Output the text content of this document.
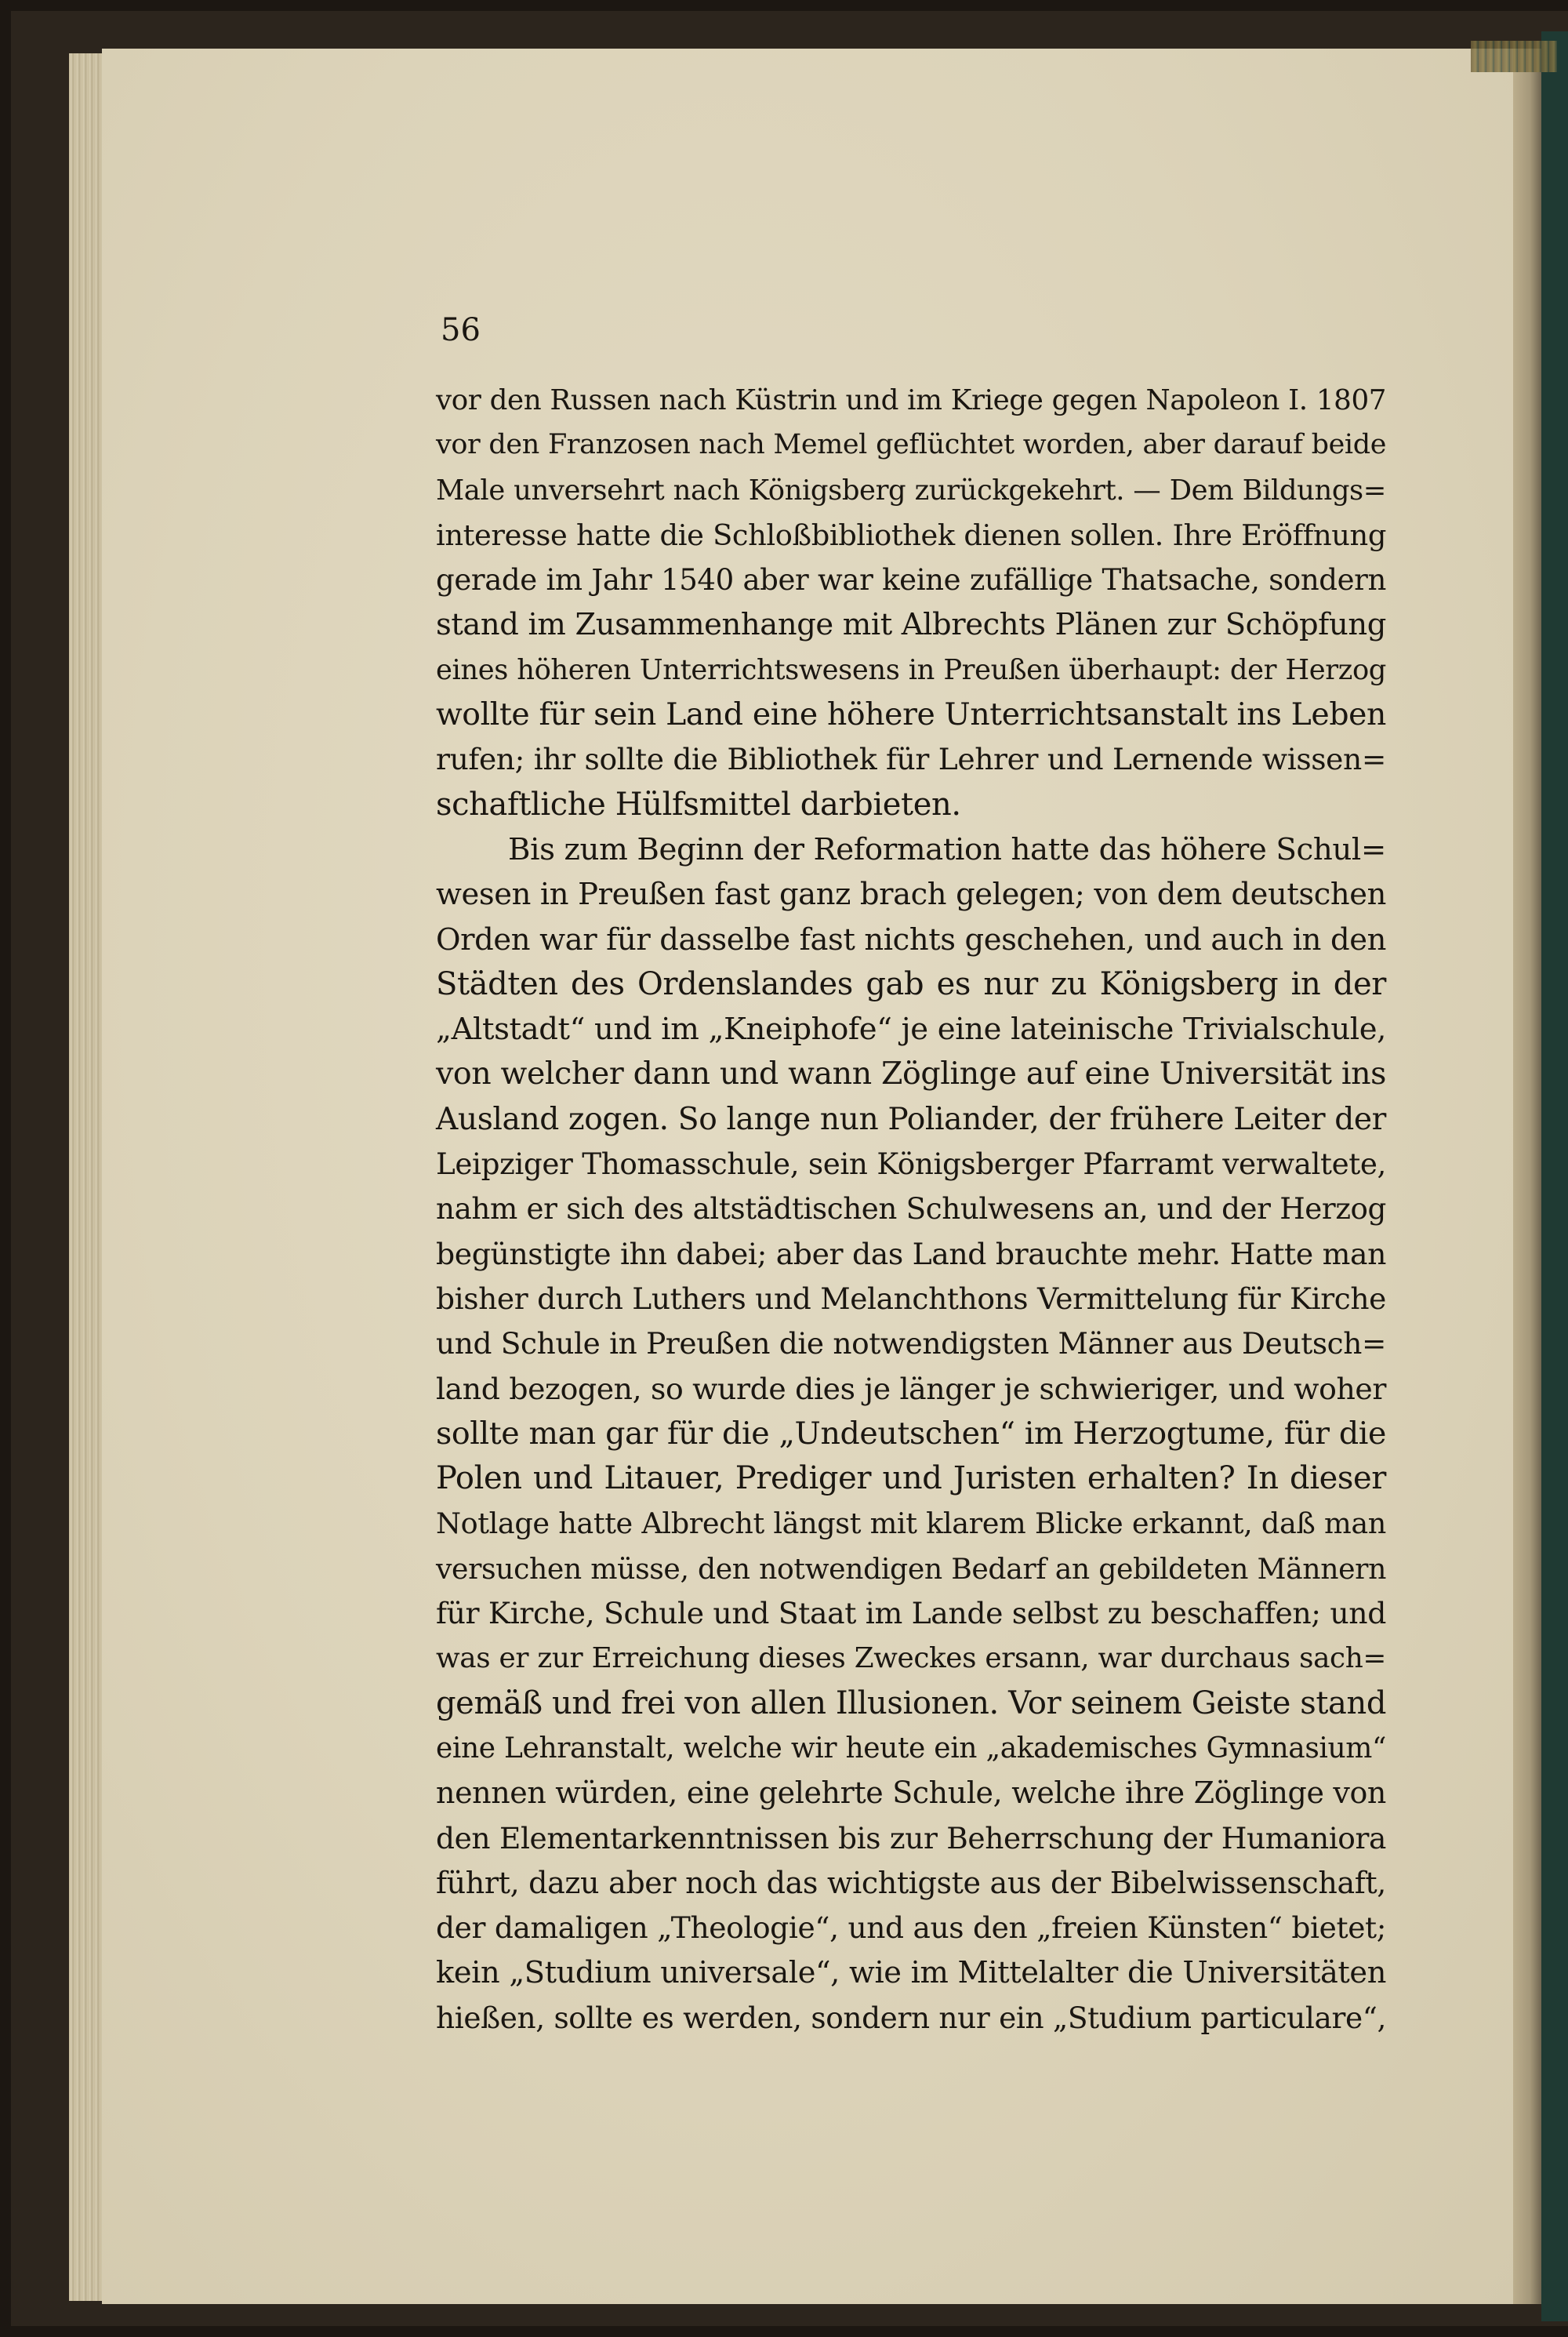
56
vor den Russen nach Küstrin und im Kriege gegen Napoleon I. 1807
vor den Franzosen nach Memel geflüchtet worden, aber darauf beide
Male unversehrt nach Königsberg zurückgekehrt. — Dem Bildungs=
interesse hatte die Schloßbibliothek dienen sollen. Ihre Eröffnung
gerade im Jahr 1540 aber war keine zufällige Thatsache, sondern
stand im Zusammenhange mit Albrechts Plänen zur Schöpfung
eines höheren Unterrichtswesens in Preußen überhaupt: der Herzog
wollte für sein Land eine höhere Unterrichtsanstalt ins Leben
rufen; ihr sollte die Bibliothek für Lehrer und Lernende wissen=
schaftliche Hülfsmittel darbieten.
Bis zum Beginn der Reformation hatte das höhere Schul=
wesen in Preußen fast ganz brach gelegen; von dem deutschen
Orden war für dasselbe fast nichts geschehen, und auch in den
Städten des Ordenslandes gab es nur zu Königsberg in der
„Altstadt“ und im „Kneiphofe“ je eine lateinische Trivialschule,
von welcher dann und wann Zöglinge auf eine Universität ins
Ausland zogen. So lange nun Poliander, der frühere Leiter der
Leipziger Thomasschule, sein Königsberger Pfarramt verwaltete,
nahm er sich des altstädtischen Schulwesens an, und der Herzog
begünstigte ihn dabei; aber das Land brauchte mehr. Hatte man
bisher durch Luthers und Melanchthons Vermittelung für Kirche
und Schule in Preußen die notwendigsten Männer aus Deutsch=
land bezogen, so wurde dies je länger je schwieriger, und woher
sollte man gar für die „Undeutschen“ im Herzogtume, für die
Polen und Litauer, Prediger und Juristen erhalten? In dieser
Notlage hatte Albrecht längst mit klarem Blicke erkannt, daß man
versuchen müsse, den notwendigen Bedarf an gebildeten Männern
für Kirche, Schule und Staat im Lande selbst zu beschaffen; und
was er zur Erreichung dieses Zweckes ersann, war durchaus sach=
gemäß und frei von allen Illusionen. Vor seinem Geiste stand
eine Lehranstalt, welche wir heute ein „akademisches Gymnasium“
nennen würden, eine gelehrte Schule, welche ihre Zöglinge von
den Elementarkenntnissen bis zur Beherrschung der Humaniora
führt, dazu aber noch das wichtigste aus der Bibelwissenschaft,
der damaligen „Theologie“, und aus den „freien Künsten“ bietet;
kein „Studium universale“, wie im Mittelalter die Universitäten
hießen, sollte es werden, sondern nur ein „Studium particulare“,
